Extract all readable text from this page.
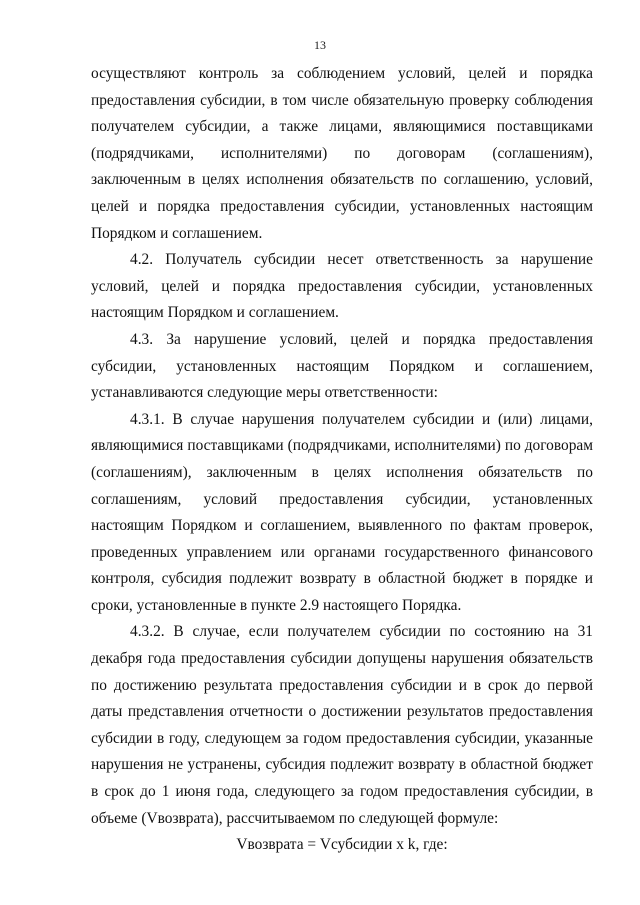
13

осуществляют контроль за соблюдением условий, целей и порядка предоставления субсидии, в том числе обязательную проверку соблюдения получателем субсидии, а также лицами, являющимися поставщиками (подрядчиками, исполнителями) по договорам (соглашениям), заключенным в целях исполнения обязательств по соглашению, условий, целей и порядка предоставления субсидии, установленных настоящим Порядком и соглашением.

4.2. Получатель субсидии несет ответственность за нарушение условий, целей и порядка предоставления субсидии, установленных настоящим Порядком и соглашением.

4.3. За нарушение условий, целей и порядка предоставления субсидии, установленных настоящим Порядком и соглашением, устанавливаются следующие меры ответственности:

4.3.1. В случае нарушения получателем субсидии и (или) лицами, являющимися поставщиками (подрядчиками, исполнителями) по договорам (соглашениям), заключенным в целях исполнения обязательств по соглашениям, условий предоставления субсидии, установленных настоящим Порядком и соглашением, выявленного по фактам проверок, проведенных управлением или органами государственного финансового контроля, субсидия подлежит возврату в областной бюджет в порядке и сроки, установленные в пункте 2.9 настоящего Порядка.

4.3.2. В случае, если получателем субсидии по состоянию на 31 декабря года предоставления субсидии допущены нарушения обязательств по достижению результата предоставления субсидии и в срок до первой даты представления отчетности о достижении результатов предоставления субсидии в году, следующем за годом предоставления субсидии, указанные нарушения не устранены, субсидия подлежит возврату в областной бюджет в срок до 1 июня года, следующего за годом предоставления субсидии, в объеме (Vвозврата), рассчитываемом по следующей формуле:

Vвозврата = Vсубсидии x k, где:
